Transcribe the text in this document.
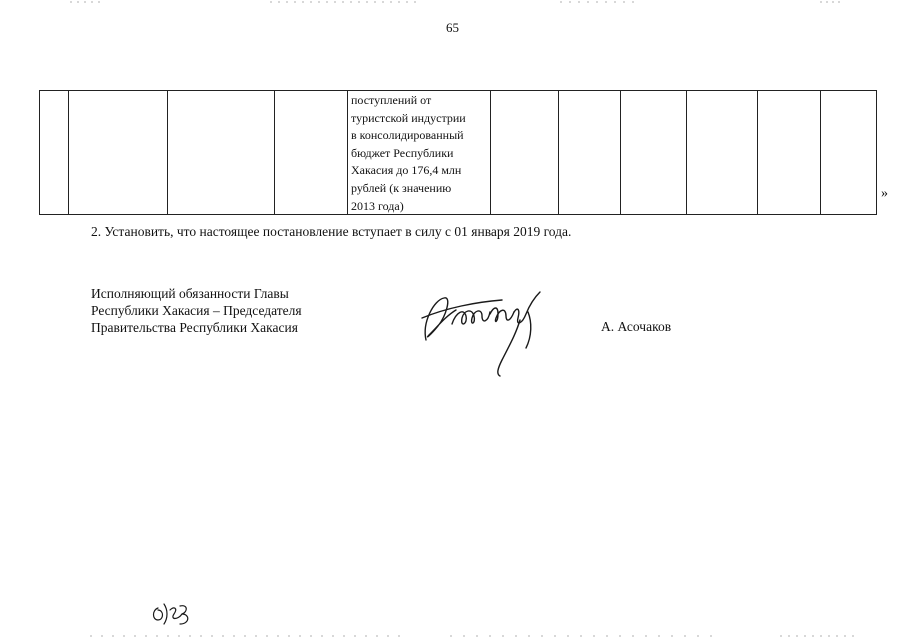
65

поступлений от
туристской индустрии
в консолидированный
бюджет Республики
Хакасия до 176,4 млн
рублей (к значению
2013 года)

»
2. Установить, что настоящее постановление вступает в силу с 01 января 2019 года.
Исполняющий обязанности Главы
Республики Хакасия – Председателя
Правительства Республики Хакасия	А. Асочаков
